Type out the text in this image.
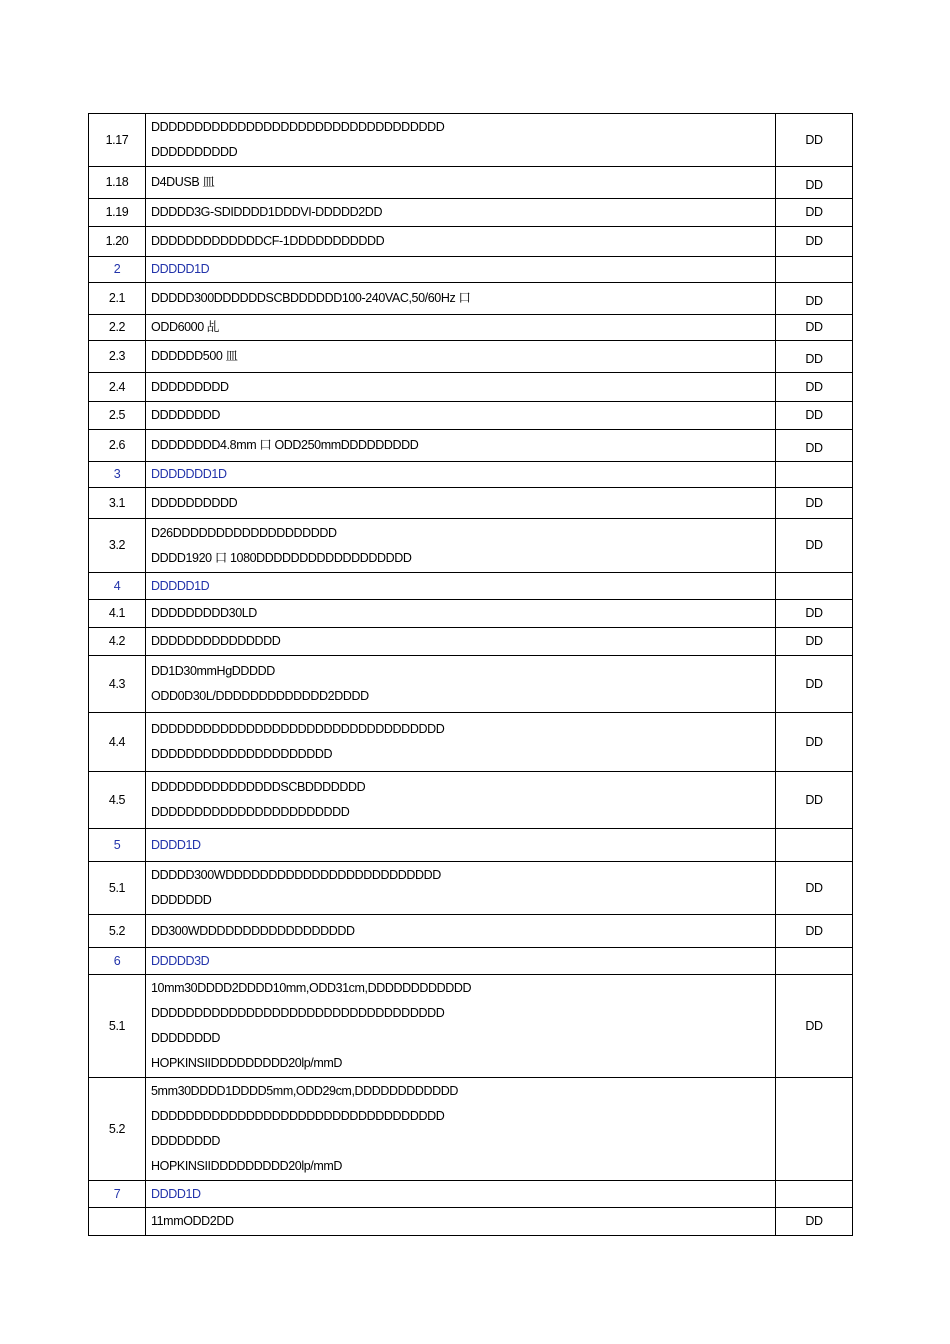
1.17	DDDDDDDDDDDDDDDDDDDDDDDDDDDDDDDDDD
DDDDDDDDDD	DD
1.18	D4DUSB 皿	DD
1.19	DDDDD3G-SDIDDDD1DDDVI-DDDDD2DD	DD
1.20	DDDDDDDDDDDDDCF-1DDDDDDDDDDD	DD
2	DDDDD1D	

2.1	DDDDD300DDDDDDSCBDDDDDD100-240VAC,50/60Hz 口	DD
2.2	ODD6000 乩	DD
2.3	DDDDDD500 皿	DD
2.4	DDDDDDDDD	DD
2.5	DDDDDDDD	DD
2.6	DDDDDDDD4.8mm 口 ODD250mmDDDDDDDDD	DD
3	DDDDDDD1D	

3.1	DDDDDDDDDD	DD
3.2	D26DDDDDDDDDDDDDDDDDDD
DDDD1920 口 1080DDDDDDDDDDDDDDDDDD	DD
4	DDDDD1D	

4.1	DDDDDDDDD30LD	DD
4.2	DDDDDDDDDDDDDDD	DD
4.3	DD1D30mmHgDDDDD
ODD0D30L/DDDDDDDDDDDDD2DDDD	DD
4.4	DDDDDDDDDDDDDDDDDDDDDDDDDDDDDDDDDD
DDDDDDDDDDDDDDDDDDDDD	DD
4.5	DDDDDDDDDDDDDDDSCBDDDDDDD
DDDDDDDDDDDDDDDDDDDDDDD	DD
5	DDDD1D	

5.1	DDDDD300WDDDDDDDDDDDDDDDDDDDDDDDDD
DDDDDDD	DD
5.2	DD300WDDDDDDDDDDDDDDDDDD	DD
6	DDDDD3D	

5.1	10mm30DDDD2DDDD10mm,ODD31cm,DDDDDDDDDDDD
DDDDDDDDDDDDDDDDDDDDDDDDDDDDDDDDDD
DDDDDDDD
HOPKINSIIDDDDDDDDD20lp/mmD	DD
5.2	5mm30DDDD1DDDD5mm,ODD29cm,DDDDDDDDDDDD
DDDDDDDDDDDDDDDDDDDDDDDDDDDDDDDDDD
DDDDDDDD
HOPKINSIIDDDDDDDDD20lp/mmD	

7	DDDD1D	

	11mmODD2DD	DD
